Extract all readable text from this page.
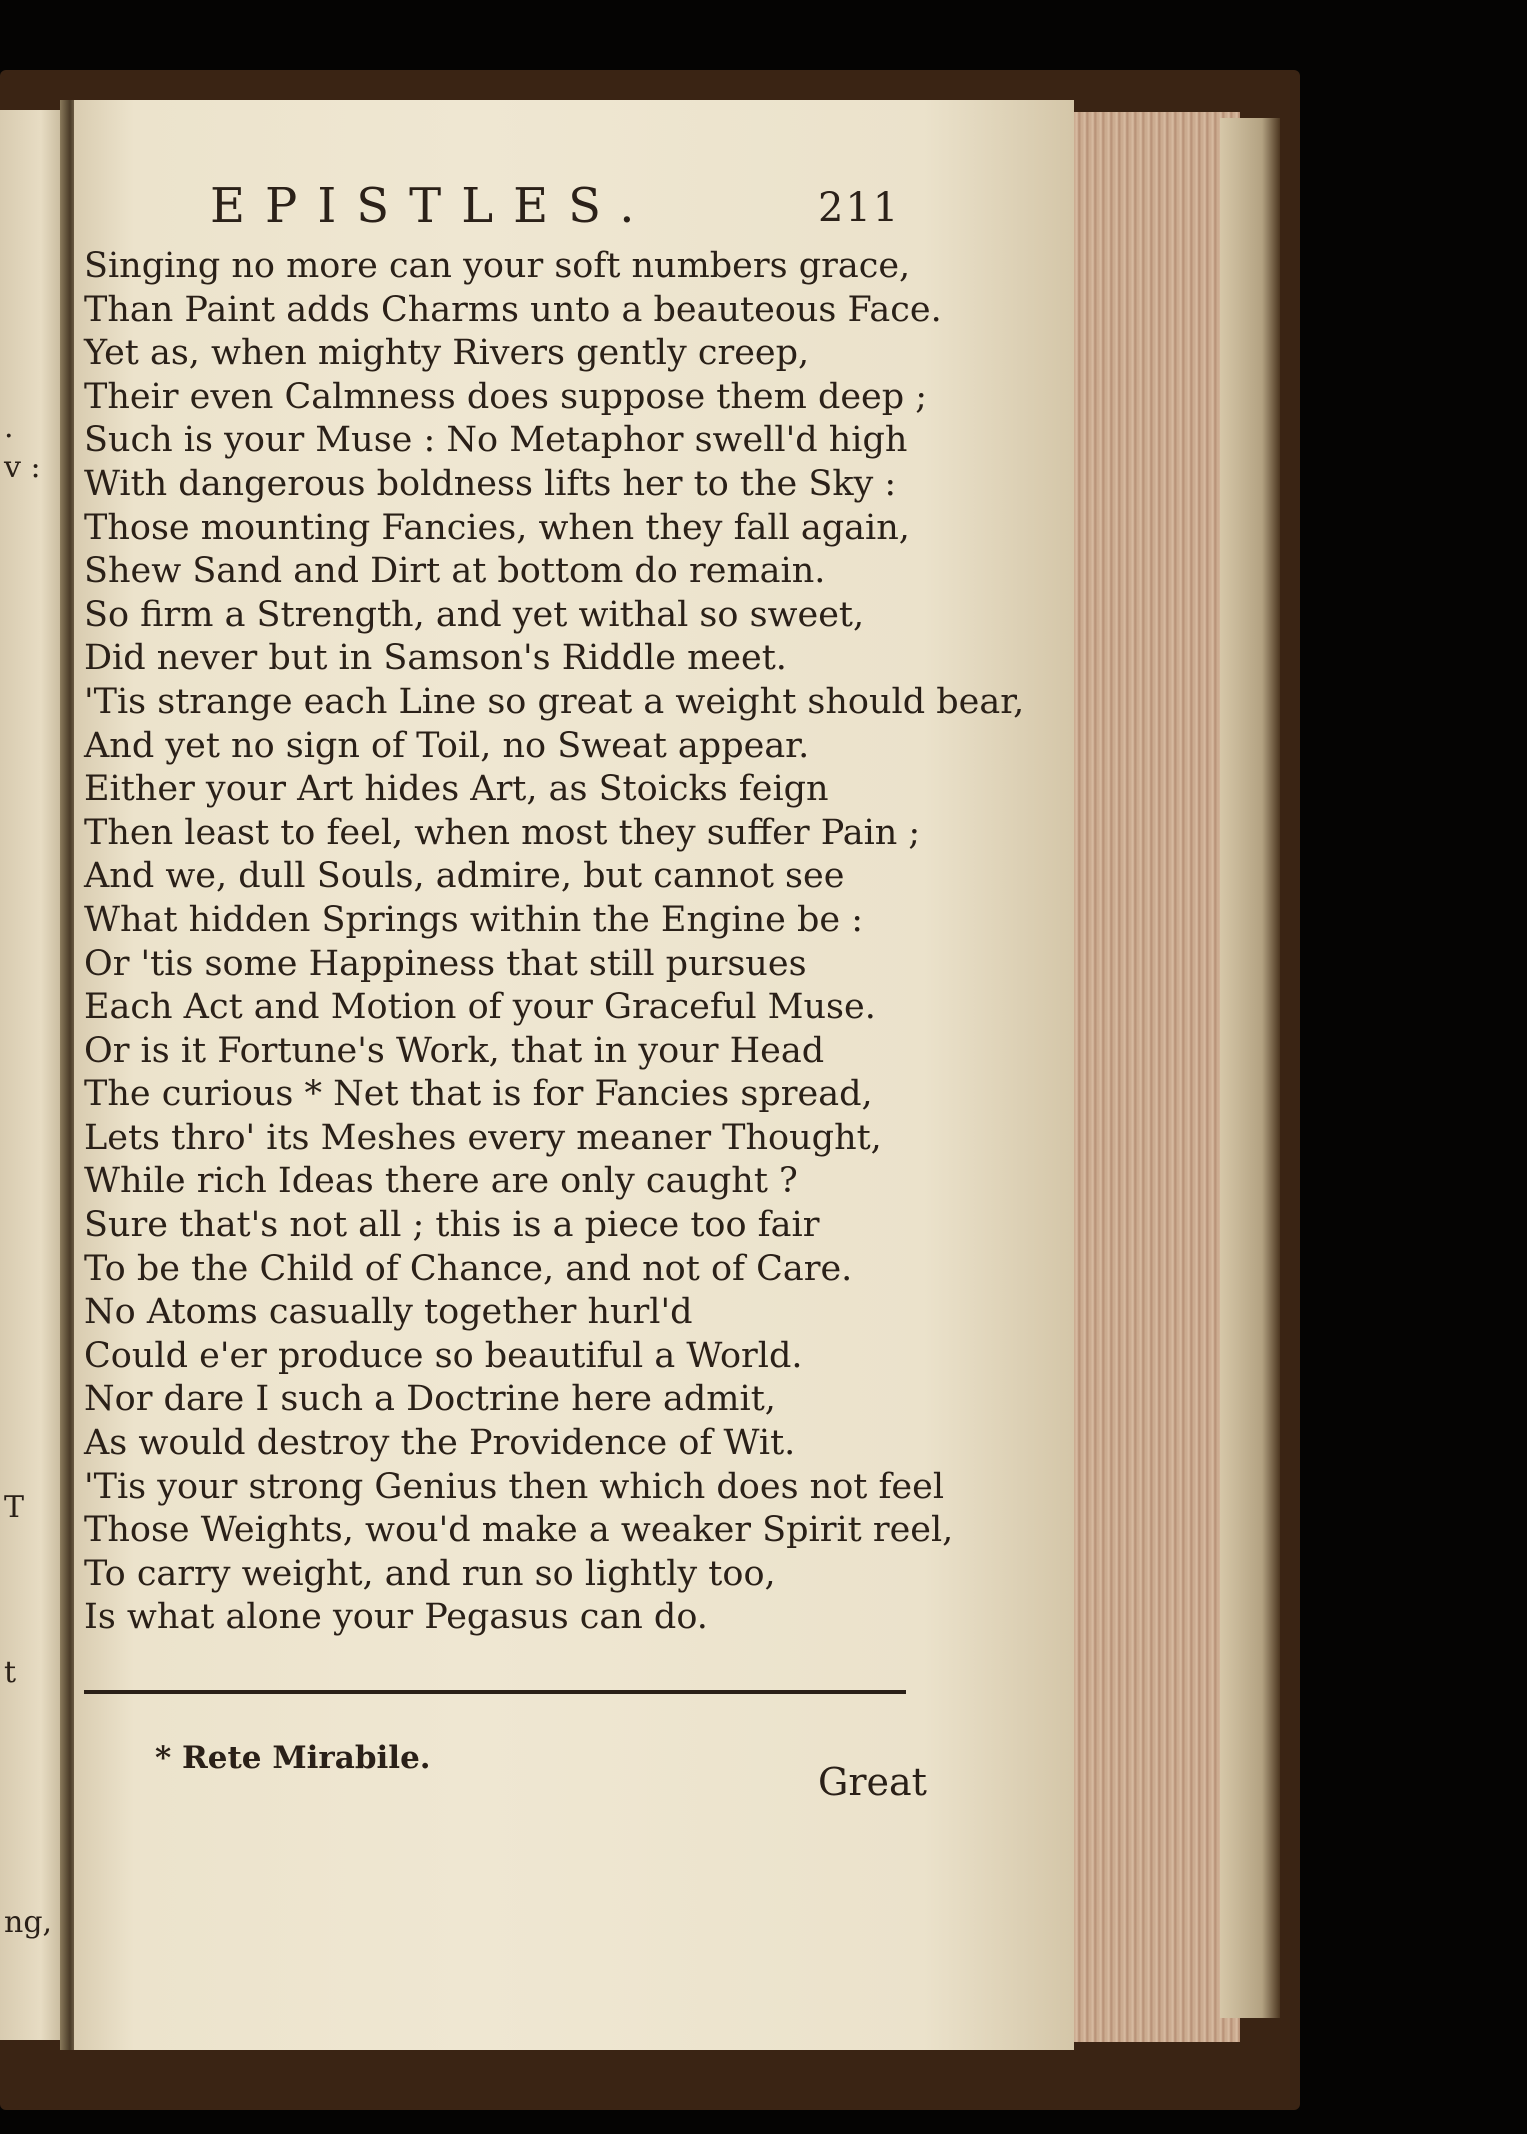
.
v :
T
t
ng,
EPISTLES.	211
Singing no more can your soft numbers grace,
Than Paint adds Charms unto a beauteous Face.
Yet as, when mighty Rivers gently creep,
Their even Calmness does suppose them deep ;
Such is your Muse : No Metaphor swell'd high
With dangerous boldness lifts her to the Sky :
Those mounting Fancies, when they fall again,
Shew Sand and Dirt at bottom do remain.
So firm a Strength, and yet withal so sweet,
Did never but in Samson's Riddle meet.
'Tis strange each Line so great a weight should bear,
And yet no sign of Toil, no Sweat appear.
Either your Art hides Art, as Stoicks feign
Then least to feel, when most they suffer Pain ;
And we, dull Souls, admire, but cannot see
What hidden Springs within the Engine be :
Or 'tis some Happiness that still pursues
Each Act and Motion of your Graceful Muse.
Or is it Fortune's Work, that in your Head
The curious * Net that is for Fancies spread,
Lets thro' its Meshes every meaner Thought,
While rich Ideas there are only caught ?
Sure that's not all ; this is a piece too fair
To be the Child of Chance, and not of Care.
No Atoms casually together hurl'd
Could e'er produce so beautiful a World.
Nor dare I such a Doctrine here admit,
As would destroy the Providence of Wit.
'Tis your strong Genius then which does not feel
Those Weights, wou'd make a weaker Spirit reel,
To carry weight, and run so lightly too,
Is what alone your Pegasus can do.
* Rete Mirabile.
Great
